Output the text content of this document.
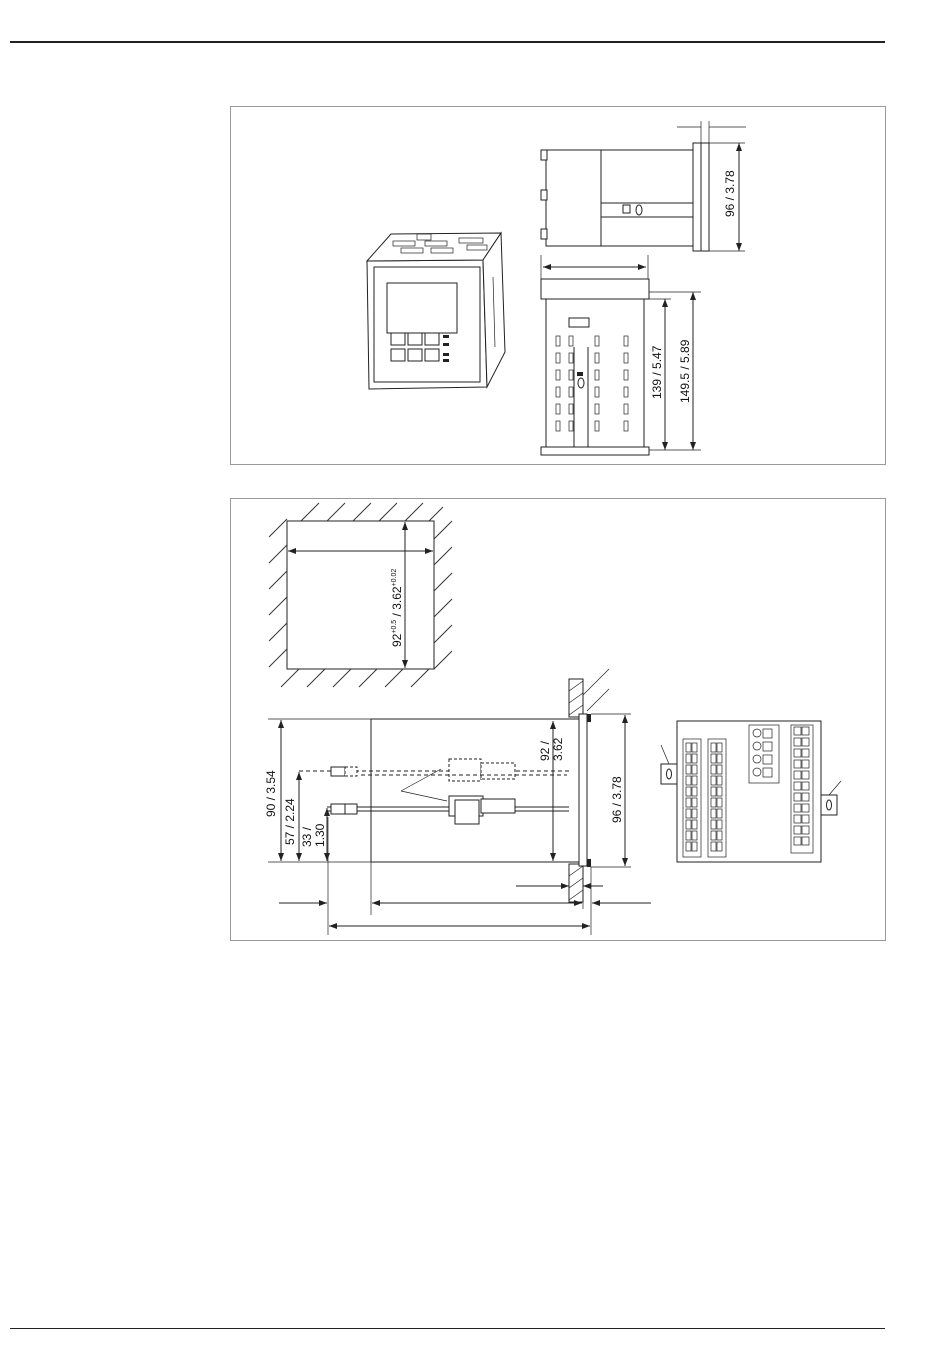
96 / 3.78
139 / 5.47 149.5 / 5.89
$92^{+0.5} / 3.62^{+0.02}$
90 / 3.54
57 / 2.24 33 / 1.30
92 / 3.62
96 / 3.78
